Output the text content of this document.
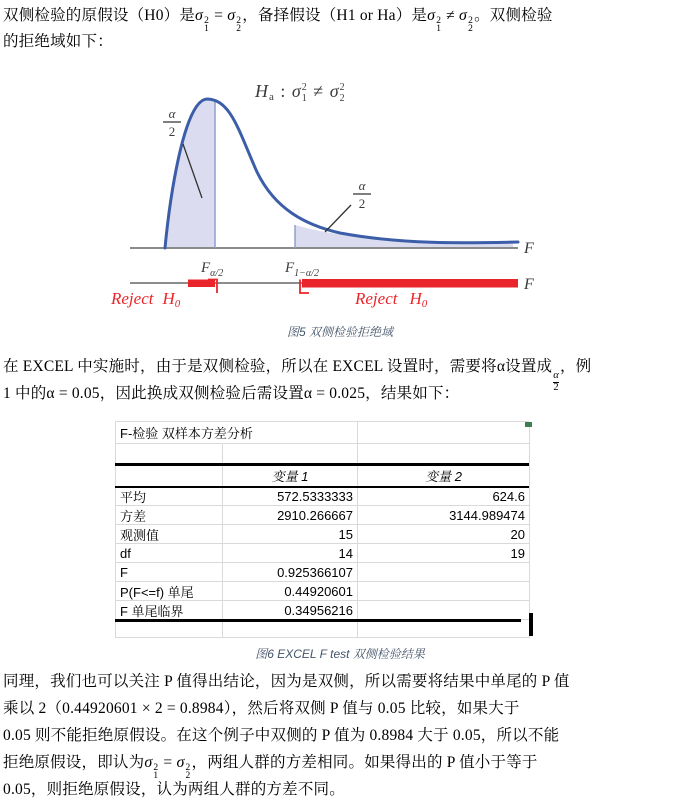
双侧检验的原假设（H0）是σ 2
1
= σ 2
2
，备择假设（H1 or Ha）是σ 2
1
≠ σ 2
2
。双侧检验
的拒绝域如下：
Ha : $\sigma^2$ $1 \ne \sigma^2$ 2
F
α
2
α
2
$F_{\alpha/2}$	$F_{1-\alpha/2}$
F
Reject H0	Reject H0
图5 双侧检验拒绝域
在 EXCEL 中实施时，由于是双侧检验，所以在 EXCEL 设置时，需要将α设置成
$\frac{\alpha}{2}$
，例
1 中的α = 0.05，因此换成双侧检验后需设置α = 0.025，结果如下：
F-检验 双样本方差分析
变量 1	变量 2
平均	572.5333333	624.6
方差	2910.266667	3144.989474
观测值	15	20
df	14	19
F	0.925366107
P(F<=f) 单尾	0.44920601
F 单尾临界	0.34956216
图6 EXCEL F test 双侧检验结果
同理，我们也可以关注 P 值得出结论，因为是双侧，所以需要将结果中单尾的 P 值
乘以 2（0.44920601 × 2 = 0.8984），然后将双侧 P 值与 0.05 比较，如果大于
0.05 则不能拒绝原假设。在这个例子中双侧的 P 值为 0.8984 大于 0.05，所以不能
拒绝原假设，即认为σ 2
1
= σ 2
2
，两组人群的方差相同。如果得出的 P 值小于等于
0.05，则拒绝原假设，认为两组人群的方差不同。
